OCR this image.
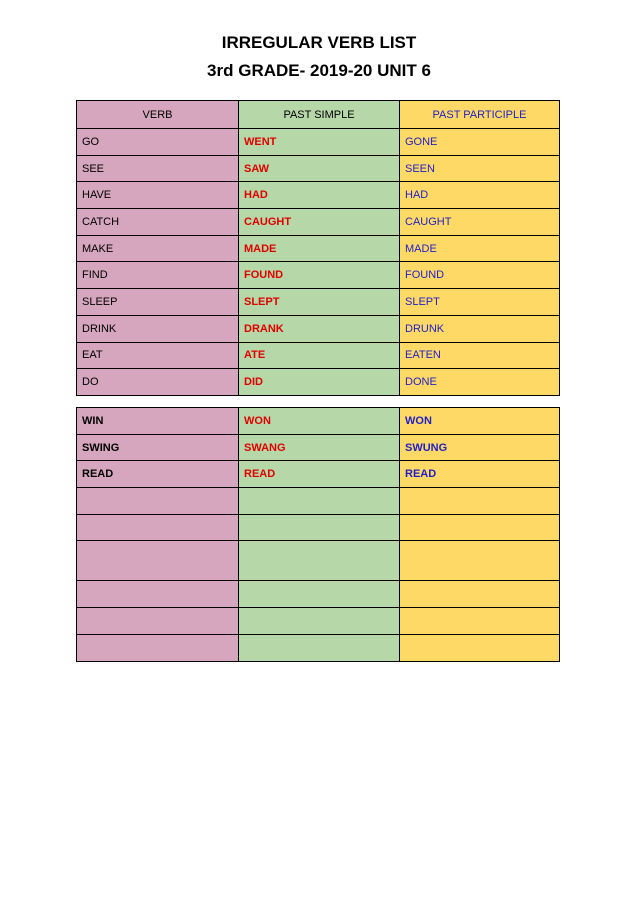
IRREGULAR VERB LIST
3rd GRADE- 2019-20 UNIT 6
VERB	PAST SIMPLE	PAST PARTICIPLE
GO	WENT	GONE
SEE	SAW	SEEN
HAVE	HAD	HAD
CATCH	CAUGHT	CAUGHT
MAKE	MADE	MADE
FIND	FOUND	FOUND
SLEEP	SLEPT	SLEPT
DRINK	DRANK	DRUNK
EAT	ATE	EATEN
DO	DID	DONE
WIN	WON	WON
SWING	SWANG	SWUNG
READ	READ	READ
